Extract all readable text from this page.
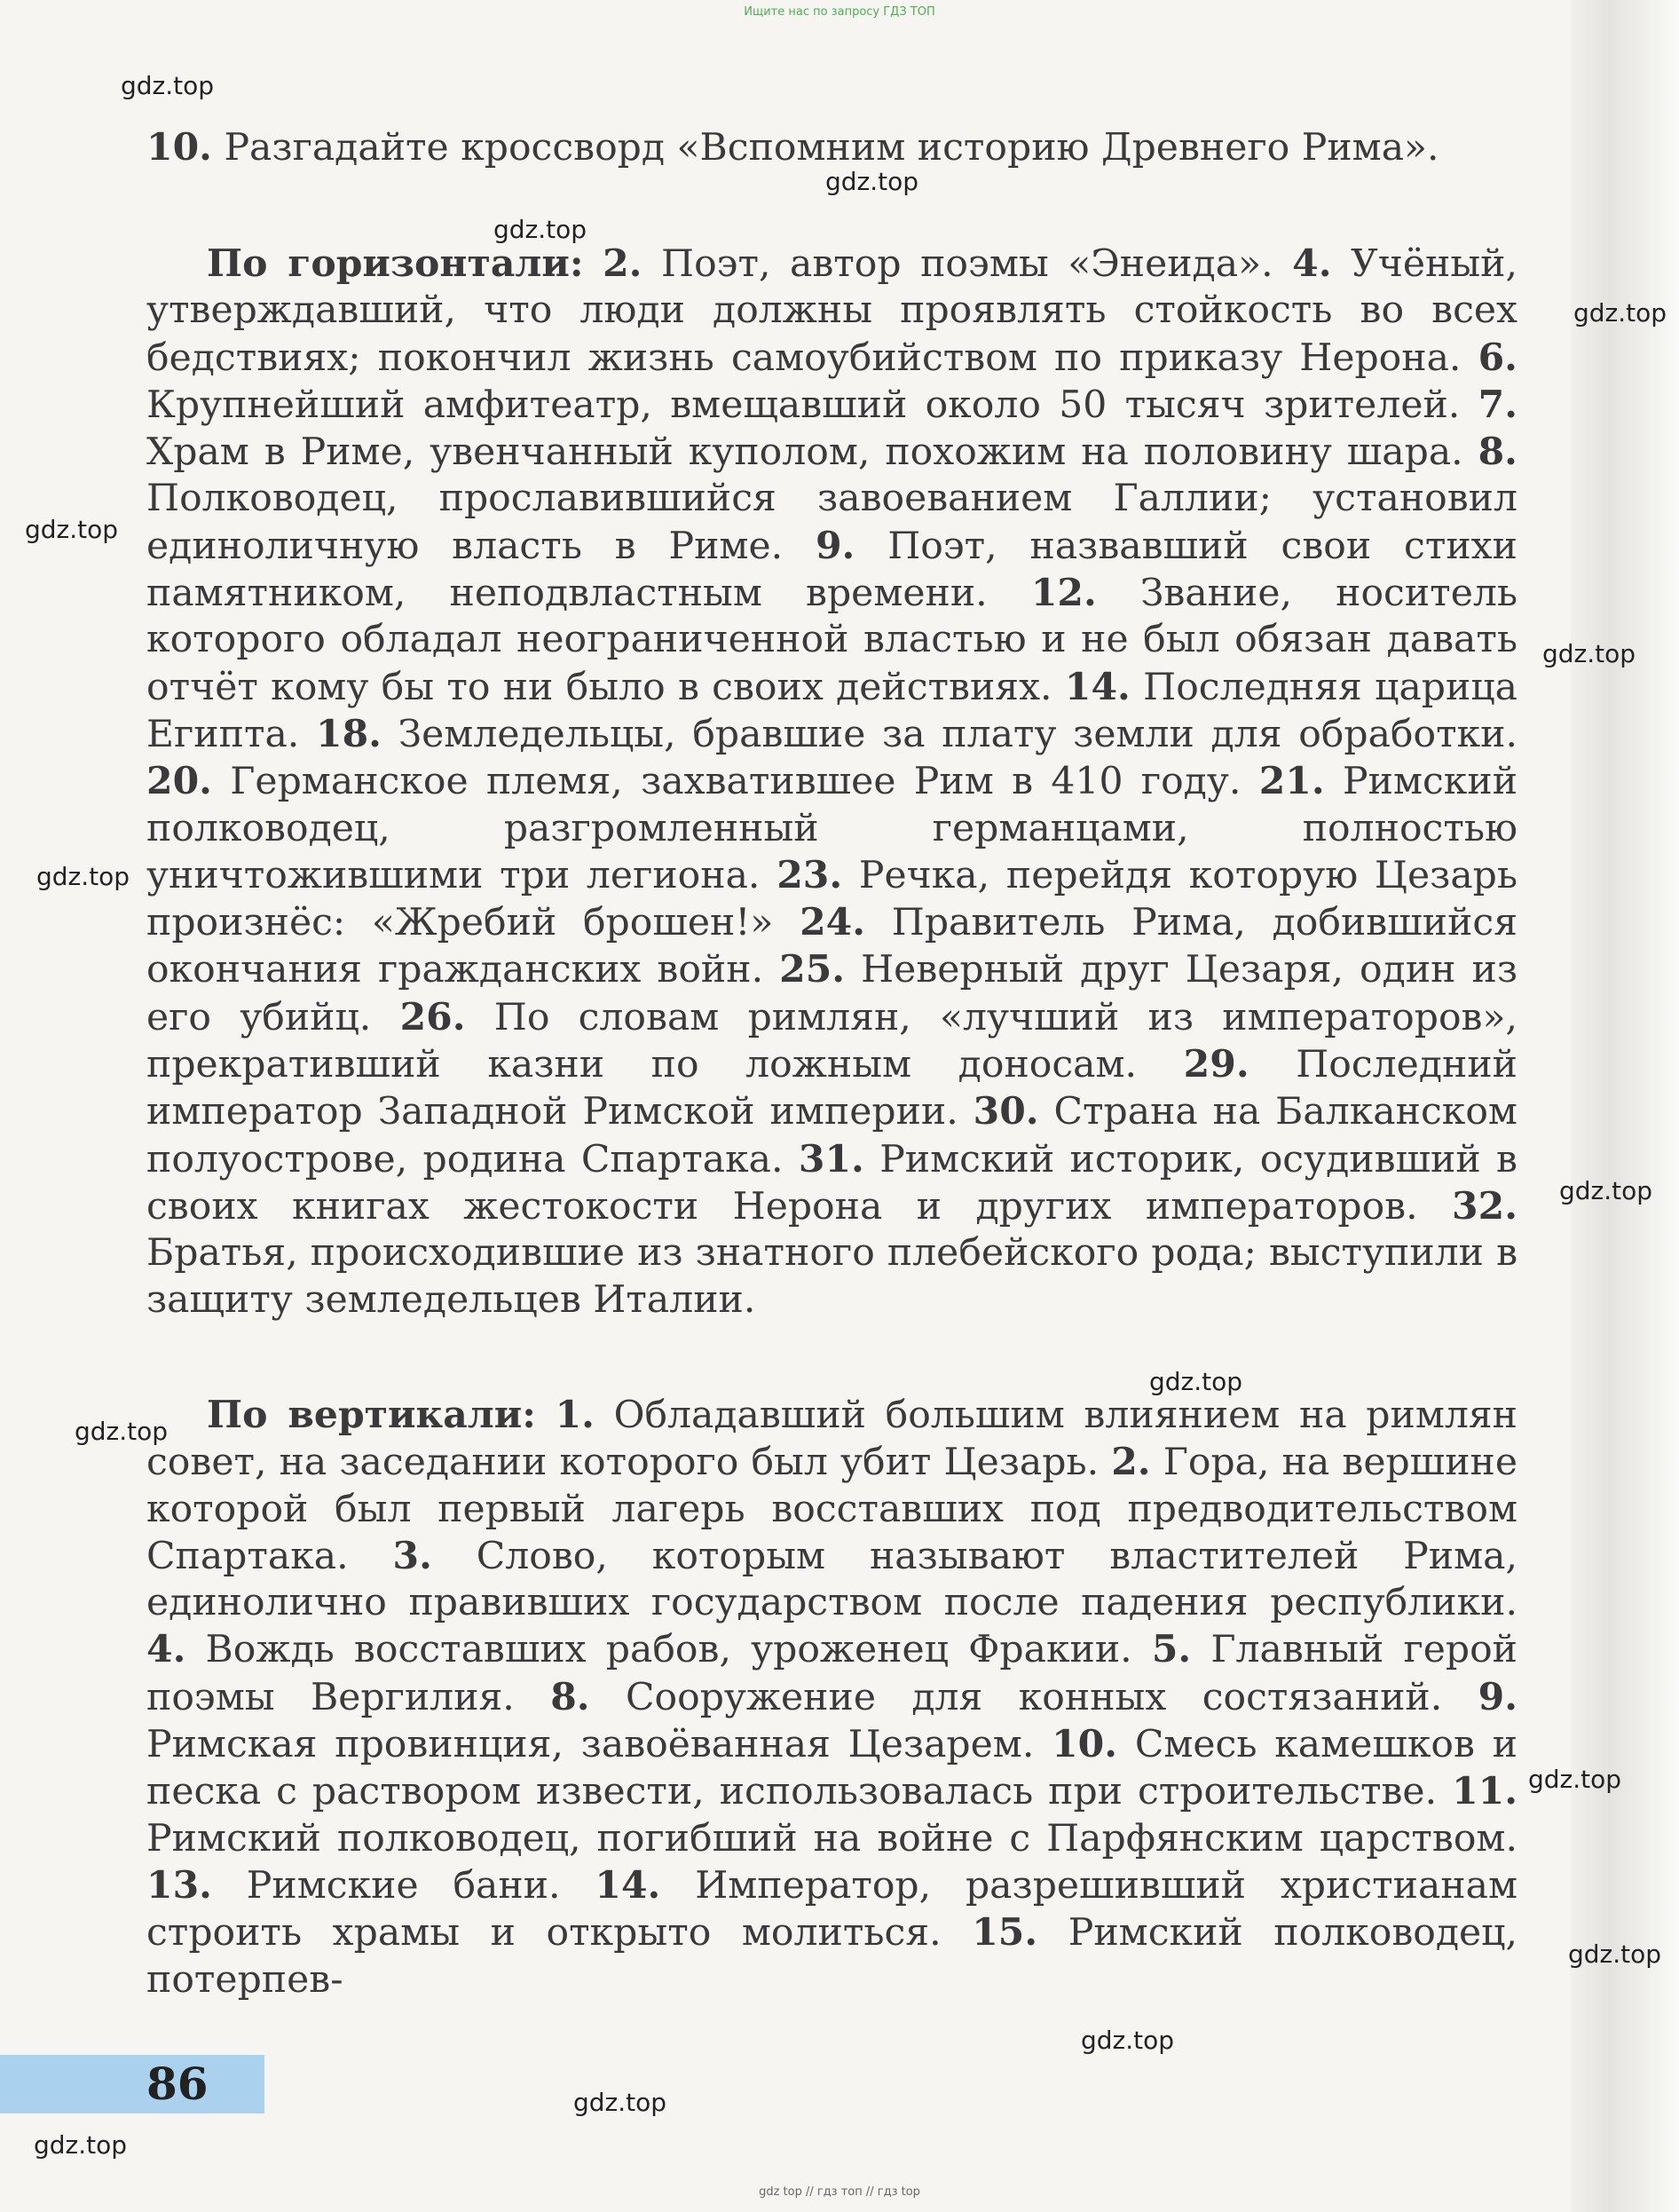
Ищите нас по запросу ГДЗ ТОП
gdz.top
gdz.top
gdz.top
gdz.top
gdz.top
gdz.top
gdz.top
gdz.top
gdz.top
gdz.top
gdz.top
gdz.top
gdz.top
gdz.top
gdz.top

10. Разгадайте кроссворд «Вспомним историю Древнего Рима».

По горизонтали: 2. Поэт, автор поэмы «Энеида». 4. Учёный, утверждавший, что люди должны проявлять стойкость во всех бедствиях; покончил жизнь самоубийством по приказу Нерона. 6. Крупнейший амфитеатр, вмещавший около 50 тысяч зрителей. 7. Храм в Риме, увенчанный куполом, похожим на половину шара. 8. Полководец, прославившийся завоеванием Галлии; установил единоличную власть в Риме. 9. Поэт, назвавший свои стихи памятником, неподвластным времени. 12. Звание, носитель которого обладал неограниченной властью и не был обязан давать отчёт кому бы то ни было в своих действиях. 14. Последняя царица Египта. 18. Земледельцы, бравшие за плату земли для обработки. 20. Германское племя, захватившее Рим в 410 году. 21. Римский полководец, разгромленный германцами, полностью уничтожившими три легиона. 23. Речка, перейдя которую Цезарь произнёс: «Жребий брошен!» 24. Правитель Рима, добившийся окончания гражданских войн. 25. Неверный друг Цезаря, один из его убийц. 26. По словам римлян, «лучший из императоров», прекративший казни по ложным доносам. 29. Последний император Западной Римской империи. 30. Страна на Балканском полуострове, родина Спартака. 31. Римский историк, осудивший в своих книгах жестокости Нерона и других императоров. 32. Братья, происходившие из знатного плебейского рода; выступили в защиту земледельцев Италии.

По вертикали: 1. Обладавший большим влиянием на римлян совет, на заседании которого был убит Цезарь. 2. Гора, на вершине которой был первый лагерь восставших под предводительством Спартака. 3. Слово, которым называют властителей Рима, единолично правивших государством после падения республики. 4. Вождь восставших рабов, уроженец Фракии. 5. Главный герой поэмы Вергилия. 8. Сооружение для конных состязаний. 9. Римская провинция, завоёванная Цезарем. 10. Смесь камешков и песка с раствором извести, использовалась при строительстве. 11. Римский полководец, погибший на войне с Парфянским царством. 13. Римские бани. 14. Император, разрешивший христианам строить храмы и открыто молиться. 15. Римский полководец, потерпев-

86
gdz top // гдз топ // гдз top
